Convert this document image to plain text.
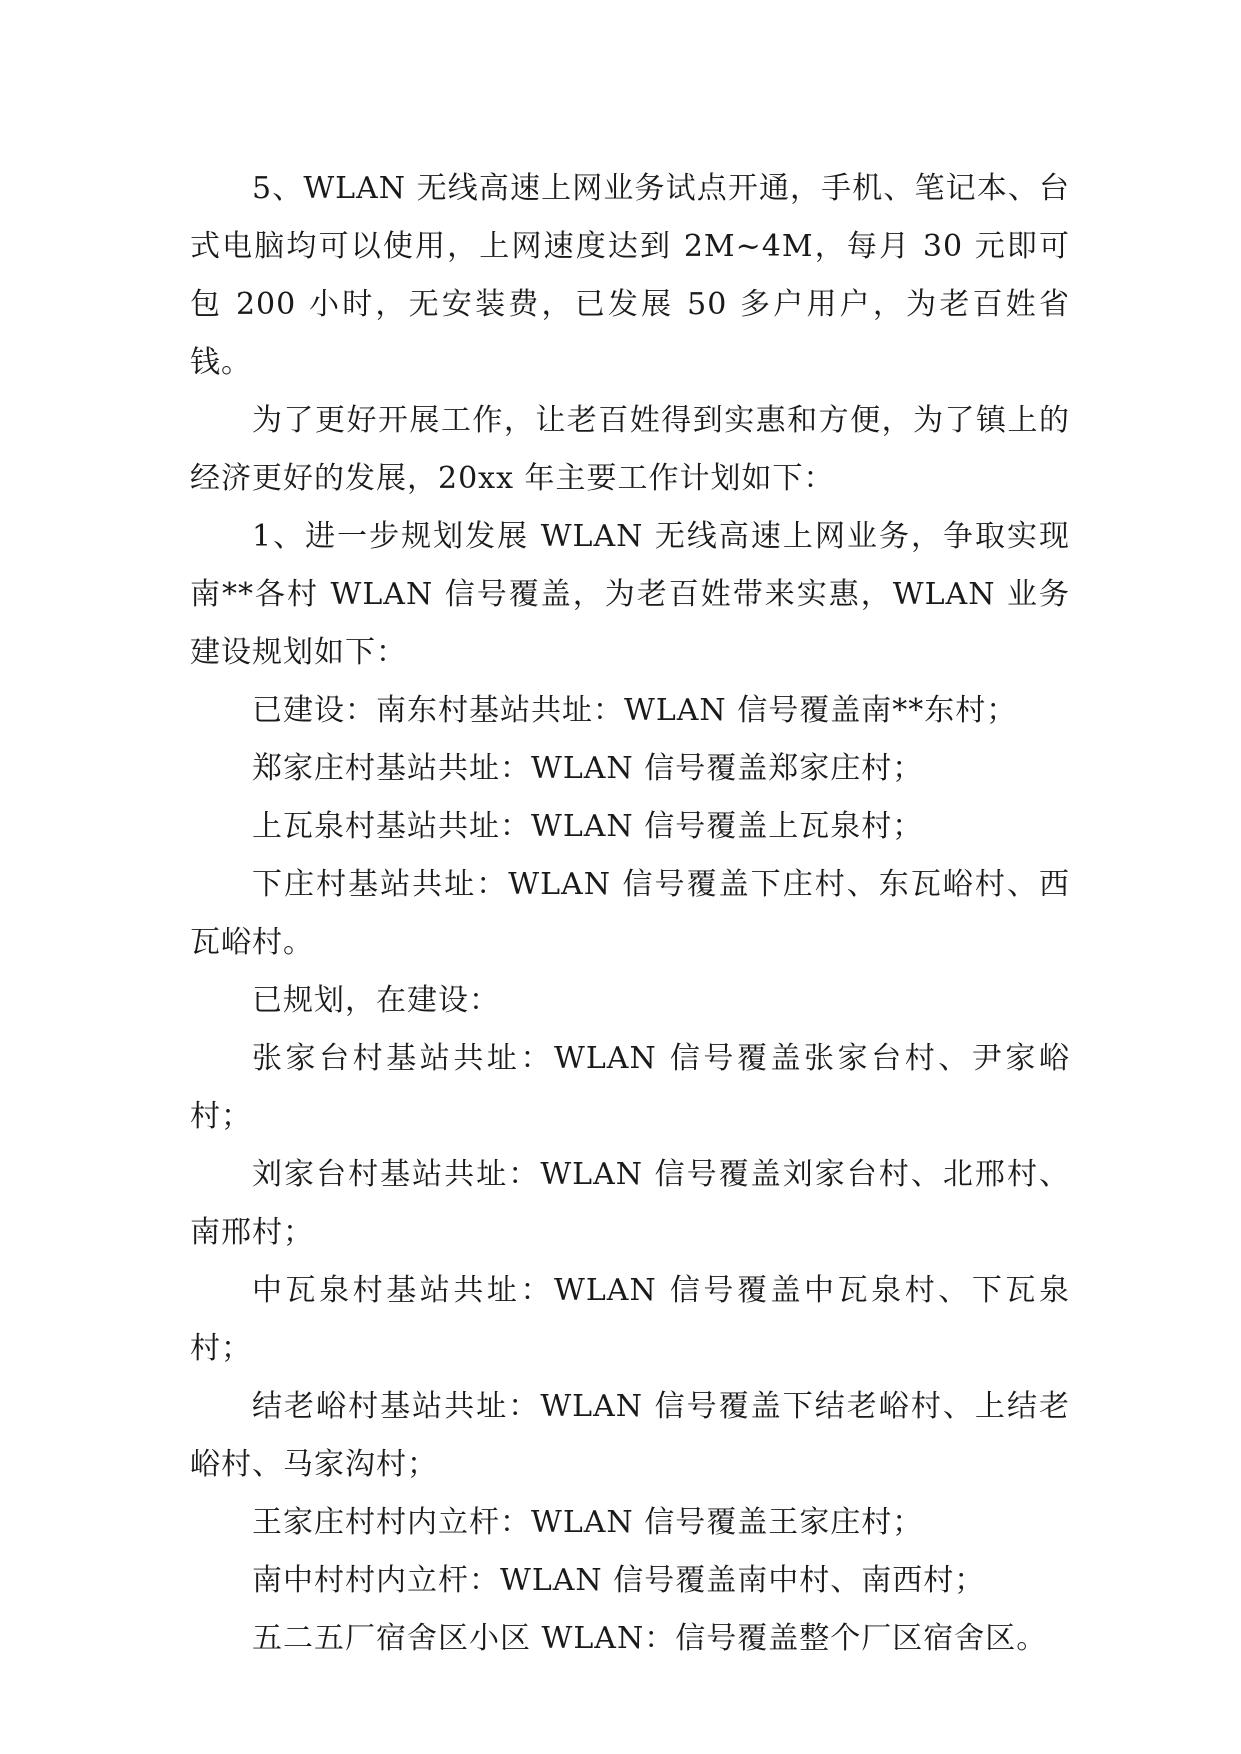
5、WLAN 无线高速上网业务试点开通，手机、笔记本、台式电脑均可以使用，上网速度达到 2M~4M，每月 30 元即可包 200 小时，无安装费，已发展 50 多户用户，为老百姓省钱。

为了更好开展工作，让老百姓得到实惠和方便，为了镇上的经济更好的发展，20xx 年主要工作计划如下：

1、进一步规划发展 WLAN 无线高速上网业务，争取实现南**各村 WLAN 信号覆盖，为老百姓带来实惠，WLAN 业务建设规划如下：

已建设：南东村基站共址：WLAN 信号覆盖南**东村；

郑家庄村基站共址：WLAN 信号覆盖郑家庄村；

上瓦泉村基站共址：WLAN 信号覆盖上瓦泉村；

下庄村基站共址：WLAN 信号覆盖下庄村、东瓦峪村、西瓦峪村。

已规划，在建设：

张家台村基站共址：WLAN 信号覆盖张家台村、尹家峪村；

刘家台村基站共址：WLAN 信号覆盖刘家台村、北邢村、南邢村；

中瓦泉村基站共址：WLAN 信号覆盖中瓦泉村、下瓦泉村；

结老峪村基站共址：WLAN 信号覆盖下结老峪村、上结老峪村、马家沟村；

王家庄村村内立杆：WLAN 信号覆盖王家庄村；

南中村村内立杆：WLAN 信号覆盖南中村、南西村；

五二五厂宿舍区小区 WLAN：信号覆盖整个厂区宿舍区。
